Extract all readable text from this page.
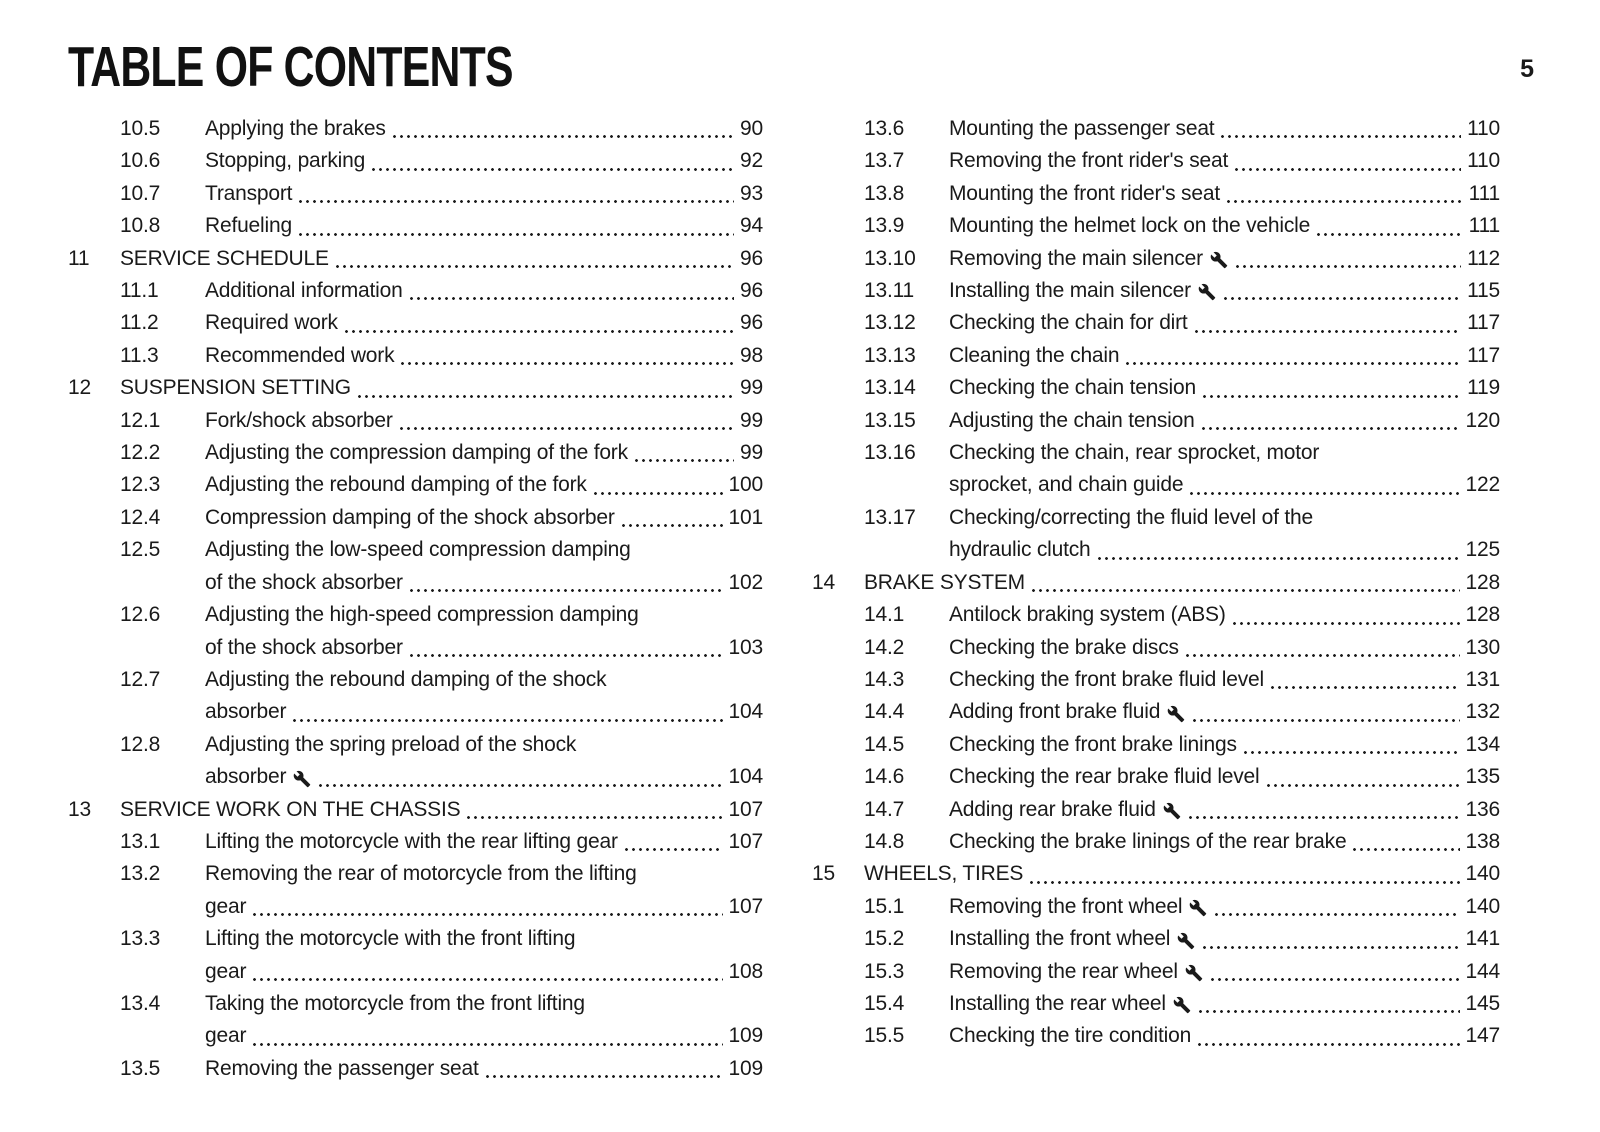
TABLE OF CONTENTS	5
10.5	Applying the brakes	90
10.6	Stopping, parking	92
10.7	Transport	93
10.8	Refueling	94
11	SERVICE SCHEDULE	96
11.1	Additional information	96
11.2	Required work	96
11.3	Recommended work	98
12	SUSPENSION SETTING	99
12.1	Fork/shock absorber	99
12.2	Adjusting the compression damping of the fork	99
12.3	Adjusting the rebound damping of the fork	100
12.4	Compression damping of the shock absorber	101
12.5	Adjusting the low-speed compression damping
of the shock absorber	102
12.6	Adjusting the high-speed compression damping
of the shock absorber	103
12.7	Adjusting the rebound damping of the shock
absorber	104
12.8	Adjusting the spring preload of the shock
absorber	104
13	SERVICE WORK ON THE CHASSIS	107
13.1	Lifting the motorcycle with the rear lifting gear	107
13.2	Removing the rear of motorcycle from the lifting
gear	107
13.3	Lifting the motorcycle with the front lifting
gear	108
13.4	Taking the motorcycle from the front lifting
gear	109
13.5	Removing the passenger seat	109
13.6	Mounting the passenger seat	110
13.7	Removing the front rider's seat	110
13.8	Mounting the front rider's seat	111
13.9	Mounting the helmet lock on the vehicle	111
13.10	Removing the main silencer	112
13.11	Installing the main silencer	115
13.12	Checking the chain for dirt	117
13.13	Cleaning the chain	117
13.14	Checking the chain tension	119
13.15	Adjusting the chain tension	120
13.16	Checking the chain, rear sprocket, motor
sprocket, and chain guide	122
13.17	Checking/correcting the fluid level of the
hydraulic clutch	125
14	BRAKE SYSTEM	128
14.1	Antilock braking system (ABS)	128
14.2	Checking the brake discs	130
14.3	Checking the front brake fluid level	131
14.4	Adding front brake fluid	132
14.5	Checking the front brake linings	134
14.6	Checking the rear brake fluid level	135
14.7	Adding rear brake fluid	136
14.8	Checking the brake linings of the rear brake	138
15	WHEELS, TIRES	140
15.1	Removing the front wheel	140
15.2	Installing the front wheel	141
15.3	Removing the rear wheel	144
15.4	Installing the rear wheel	145
15.5	Checking the tire condition	147
